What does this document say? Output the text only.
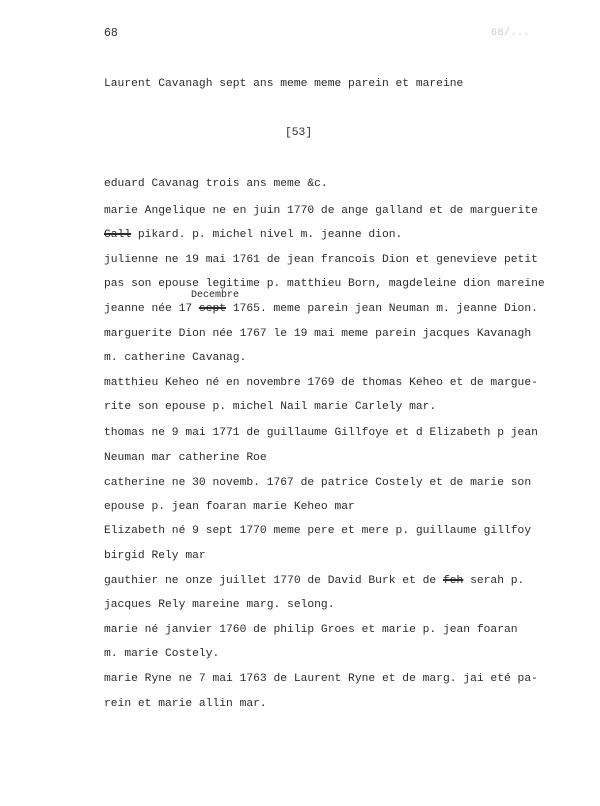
68	68/...
Laurent Cavanagh sept ans meme meme parein et mareine
[53]
eduard Cavanag trois ans meme &c.
marie Angelique ne en juin 1770 de ange galland et de marguerite
Gall pikard. p. michel nivel m. jeanne dion.
julienne ne 19 mai 1761 de jean francois Dion et genevieve petit
pas son epouse legitime p. matthieu Born, magdeleine dion mareine
Decembre
jeanne née 17 sept 1765. meme parein jean Neuman m. jeanne Dion.
marguerite Dion née 1767 le 19 mai meme parein jacques Kavanagh
m. catherine Cavanag.
matthieu Keheo né en novembre 1769 de thomas Keheo et de margue-
rite son epouse p. michel Nail marie Carlely mar.
thomas ne 9 mai 1771 de guillaume Gillfoye et d Elizabeth p jean
Neuman mar catherine Roe
catherine ne 30 novemb. 1767 de patrice Costely et de marie son
epouse p. jean foaran marie Keheo mar
Elizabeth né 9 sept 1770 meme pere et mere p. guillaume gillfoy
birgid Rely mar
gauthier ne onze juillet 1770 de David Burk et de feh serah p.
jacques Rely mareine marg. selong.
marie né janvier 1760 de philip Groes et marie p. jean foaran
m. marie Costely.
marie Ryne ne 7 mai 1763 de Laurent Ryne et de marg. jai eté pa-
rein et marie allin mar.
